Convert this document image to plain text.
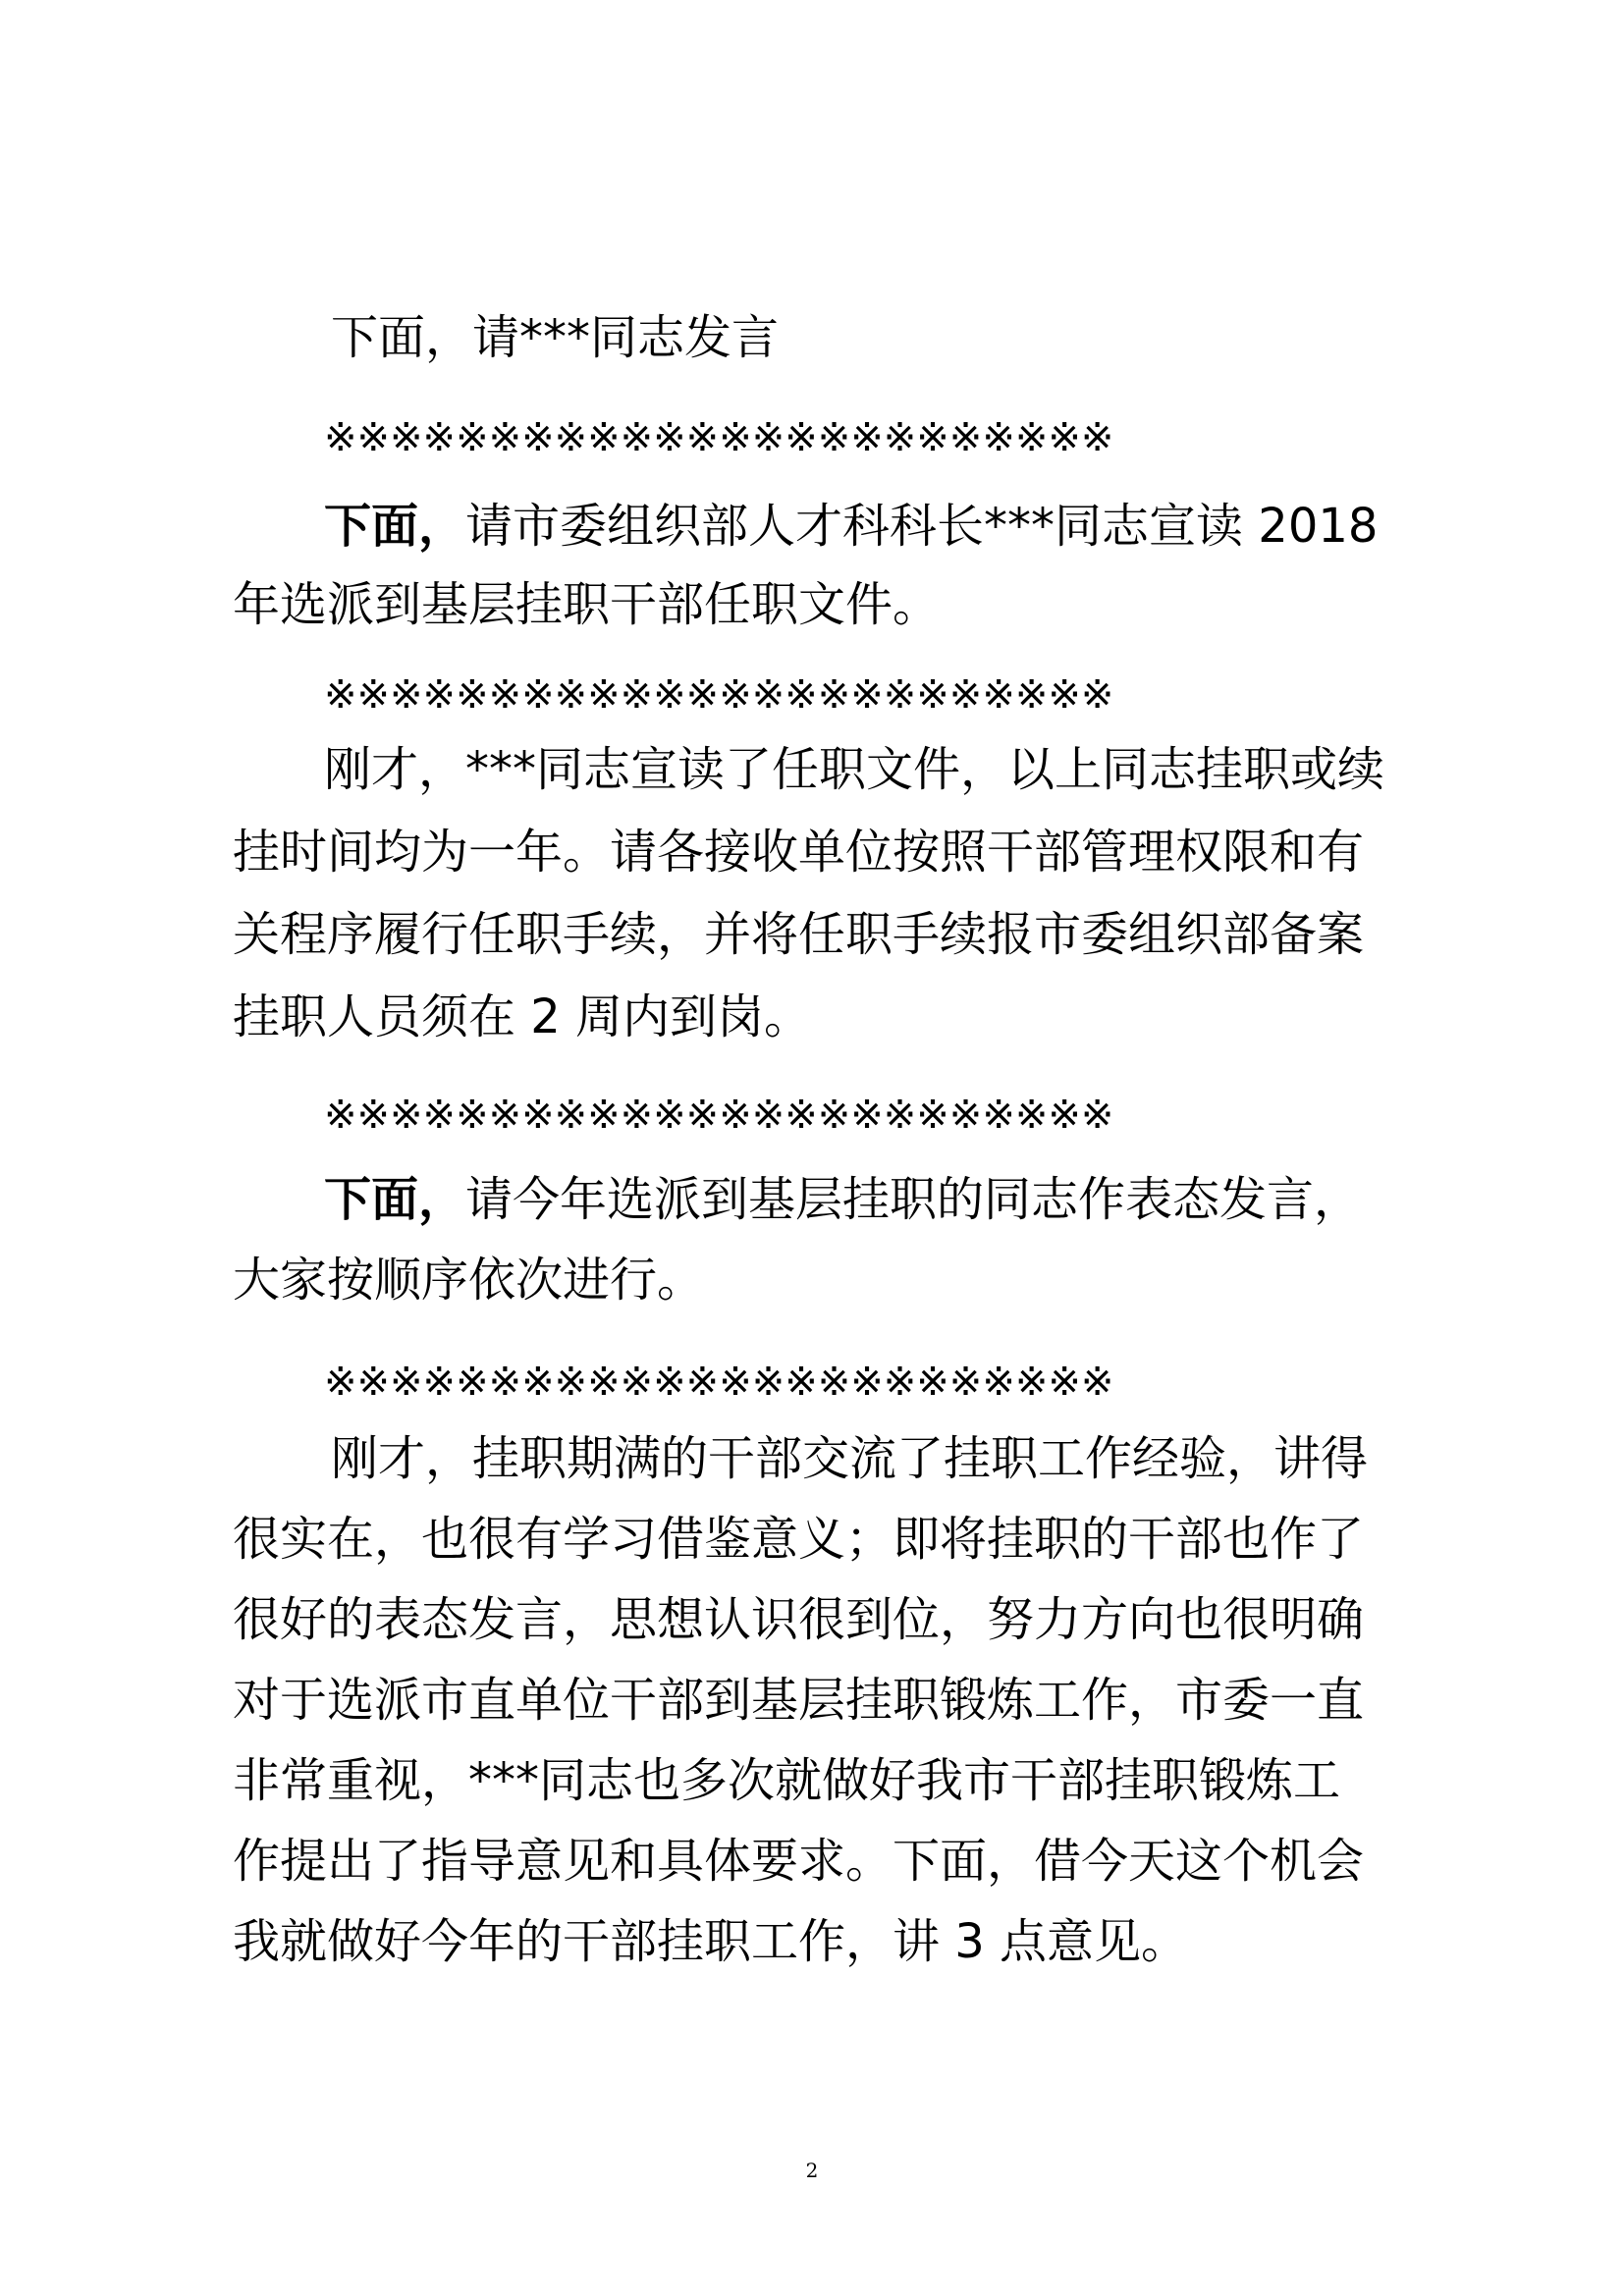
下面，请***同志发言
※※※※※※※※※※※※※※※※※※※※※※※※
下面，请市委组织部人才科科长***同志宣读 2018
年选派到基层挂职干部任职文件。
※※※※※※※※※※※※※※※※※※※※※※※※
刚才，***同志宣读了任职文件，以上同志挂职或续
挂时间均为一年。请各接收单位按照干部管理权限和有
关程序履行任职手续，并将任职手续报市委组织部备案
挂职人员须在 2 周内到岗。
※※※※※※※※※※※※※※※※※※※※※※※※
下面，请今年选派到基层挂职的同志作表态发言，
大家按顺序依次进行。
※※※※※※※※※※※※※※※※※※※※※※※※
刚才，挂职期满的干部交流了挂职工作经验，讲得
很实在，也很有学习借鉴意义；即将挂职的干部也作了
很好的表态发言，思想认识很到位，努力方向也很明确
对于选派市直单位干部到基层挂职锻炼工作，市委一直
非常重视，***同志也多次就做好我市干部挂职锻炼工
作提出了指导意见和具体要求。下面，借今天这个机会
我就做好今年的干部挂职工作，讲 3 点意见。
2
